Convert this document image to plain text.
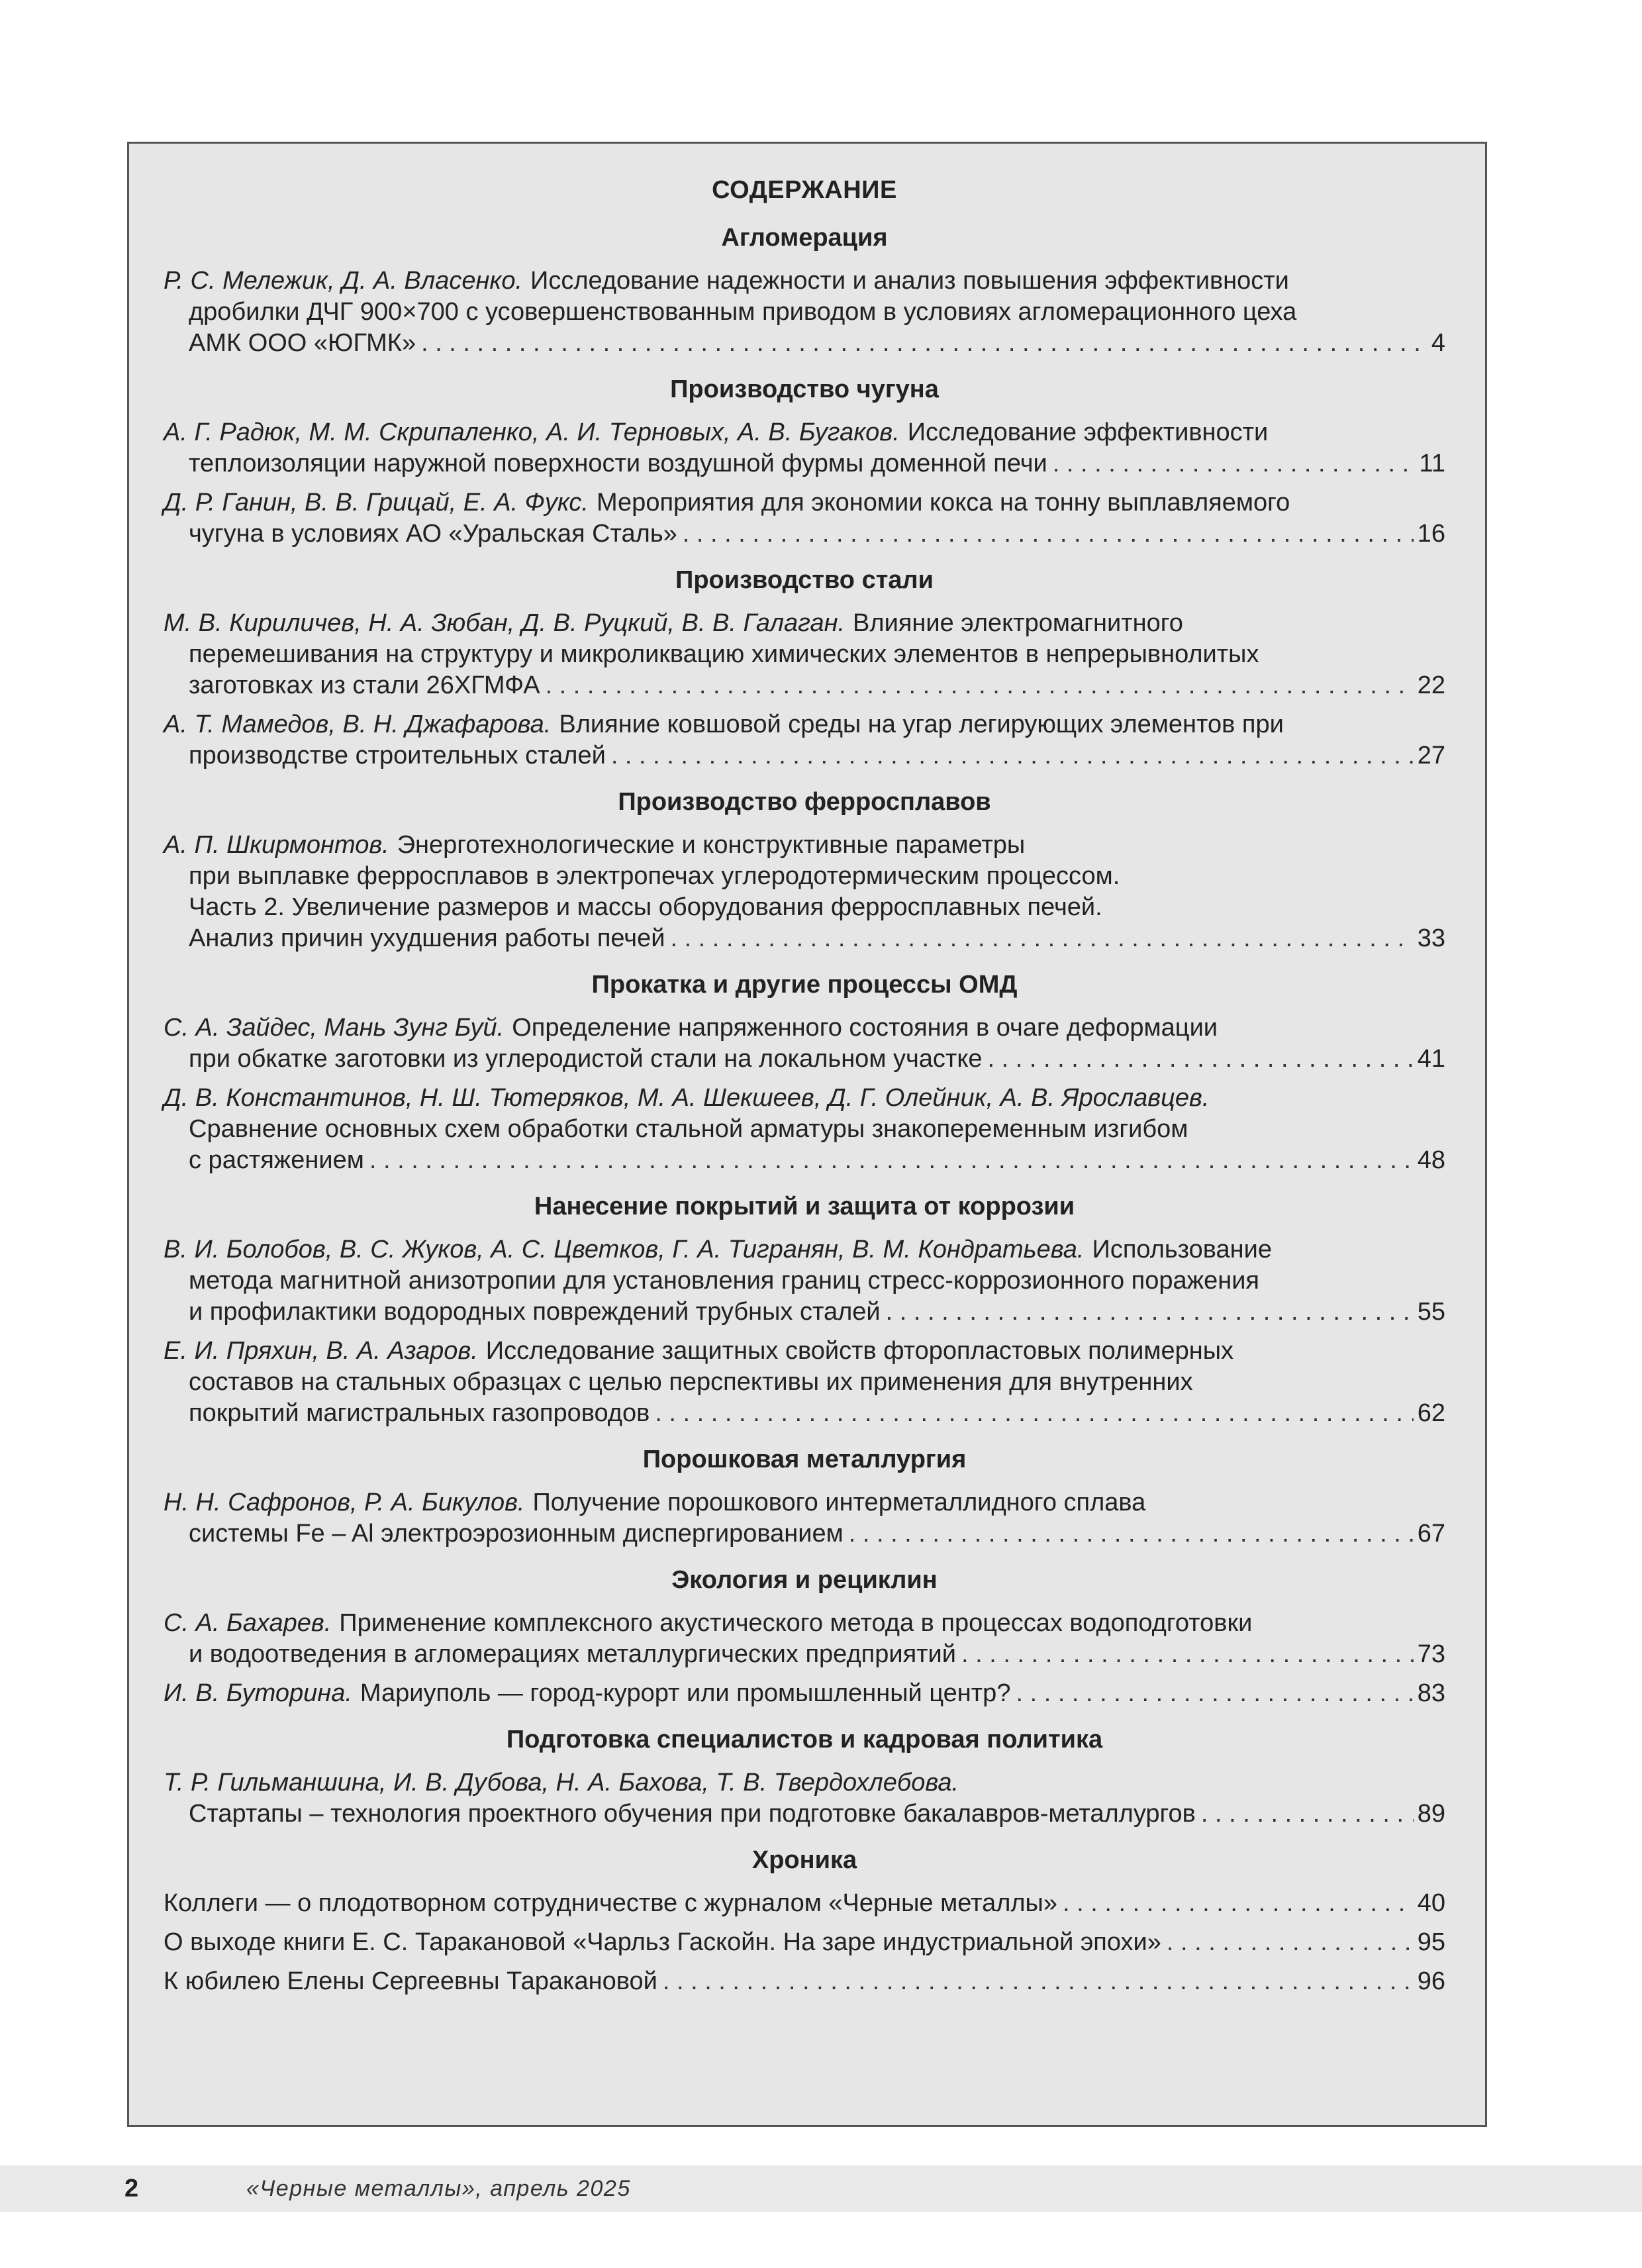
СОДЕРЖАНИЕ
Агломерация
Р. С. Мележик, Д. А. Власенко. Исследование надежности и анализ повышения эффективности
дробилки ДЧГ 900×700 с усовершенствованным приводом в условиях агломерационного цеха
АМК ООО «ЮГМК» . . .	4
Производство чугуна
А. Г. Радюк, М. М. Скрипаленко, А. И. Терновых, А. В. Бугаков. Исследование эффективности
теплоизоляции наружной поверхности воздушной фурмы доменной печи . . .	11
Д. Р. Ганин, В. В. Грицай, Е. А. Фукс. Мероприятия для экономии кокса на тонну выплавляемого
чугуна в условиях АО «Уральская Сталь» . . .	16
Производство стали
М. В. Кириличев, Н. А. Зюбан, Д. В. Руцкий, В. В. Галаган. Влияние электромагнитного
перемешивания на структуру и микроликвацию химических элементов в непрерывнолитых
заготовках из стали 26ХГМФА . . .	22
А. Т. Мамедов, В. Н. Джафарова. Влияние ковшовой среды на угар легирующих элементов при
производстве строительных сталей . . .	27
Производство ферросплавов
А. П. Шкирмонтов. Энерготехнологические и конструктивные параметры
при выплавке ферросплавов в электропечах углеродотермическим процессом.
Часть 2. Увеличение размеров и массы оборудования ферросплавных печей.
Анализ причин ухудшения работы печей . . .	33
Прокатка и другие процессы ОМД
С. А. Зайдес, Мань Зунг Буй. Определение напряженного состояния в очаге деформации
при обкатке заготовки из углеродистой стали на локальном участке . . .	41
Д. В. Константинов, Н. Ш. Тютеряков, М. А. Шекшеев, Д. Г. Олейник, А. В. Ярославцев.
Сравнение основных схем обработки стальной арматуры знакопеременным изгибом
с растяжением . . .	48
Нанесение покрытий и защита от коррозии
В. И. Болобов, В. С. Жуков, А. С. Цветков, Г. А. Тигранян, В. М. Кондратьева. Использование
метода магнитной анизотропии для установления границ стресс-коррозионного поражения
и профилактики водородных повреждений трубных сталей . . .	55
Е. И. Пряхин, В. А. Азаров. Исследование защитных свойств фторопластовых полимерных
составов на стальных образцах с целью перспективы их применения для внутренних
покрытий магистральных газопроводов . . .	62
Порошковая металлургия
Н. Н. Сафронов, Р. А. Бикулов. Получение порошкового интерметаллидного сплава
системы Fe – Al электроэрозионным диспергированием . . .	67
Экология и рециклин
С. А. Бахарев. Применение комплексного акустического метода в процессах водоподготовки
и водоотведения в агломерациях металлургических предприятий . . .	73
И. В. Буторина. Мариуполь — город-курорт или промышленный центр? . . .	83
Подготовка специалистов и кадровая политика
Т. Р. Гильманшина, И. В. Дубова, Н. А. Бахова, Т. В. Твердохлебова.
Стартапы – технология проектного обучения при подготовке бакалавров-металлургов . . .	89
Хроника
Коллеги — о плодотворном сотрудничестве с журналом «Черные металлы» . . .	40
О выходе книги Е. С. Таракановой «Чарльз Гаскойн. На заре индустриальной эпохи» . . .	95
К юбилею Елены Сергеевны Таракановой . . .	96
2	«Черные металлы», апрель 2025
